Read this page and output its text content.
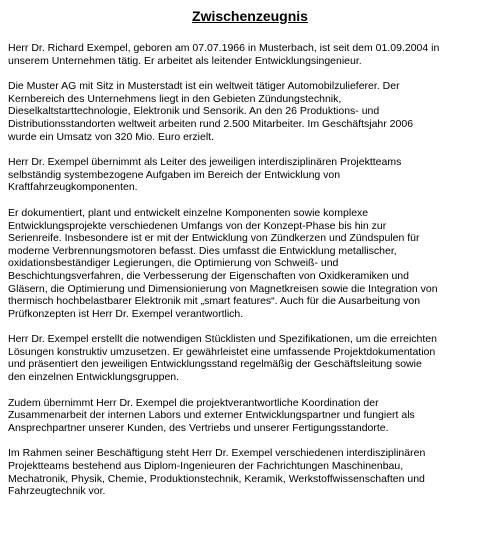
Zwischenzeugnis
Herr Dr. Richard Exempel, geboren am 07.07.1966 in Musterbach, ist seit dem 01.09.2004 in
unserem Unternehmen tätig. Er arbeitet als leitender Entwicklungsingenieur.
Die Muster AG mit Sitz in Musterstadt ist ein weltweit tätiger Automobilzulieferer. Der
Kernbereich des Unternehmens liegt in den Gebieten Zündungstechnik,
Dieselkaltstarttechnologie, Elektronik und Sensorik. An den 26 Produktions- und
Distributionsstandorten weltweit arbeiten rund 2.500 Mitarbeiter. Im Geschäftsjahr 2006
wurde ein Umsatz von 320 Mio. Euro erzielt.
Herr Dr. Exempel übernimmt als Leiter des jeweiligen interdisziplinären Projektteams
selbständig systembezogene Aufgaben im Bereich der Entwicklung von
Kraftfahrzeugkomponenten.
Er dokumentiert, plant und entwickelt einzelne Komponenten sowie komplexe
Entwicklungsprojekte verschiedenen Umfangs von der Konzept-Phase bis hin zur
Serienreife. Insbesondere ist er mit der Entwicklung von Zündkerzen und Zündspulen für
moderne Verbrennungsmotoren befasst. Dies umfasst die Entwicklung metallischer,
oxidationsbeständiger Legierungen, die Optimierung von Schweiß- und
Beschichtungsverfahren, die Verbesserung der Eigenschaften von Oxidkeramiken und
Gläsern, die Optimierung und Dimensionierung von Magnetkreisen sowie die Integration von
thermisch hochbelastbarer Elektronik mit „smart features“. Auch für die Ausarbeitung von
Prüfkonzepten ist Herr Dr. Exempel verantwortlich.
Herr Dr. Exempel erstellt die notwendigen Stücklisten und Spezifikationen, um die erreichten
Lösungen konstruktiv umzusetzen. Er gewährleistet eine umfassende Projektdokumentation
und präsentiert den jeweiligen Entwicklungsstand regelmäßig der Geschäftsleitung sowie
den einzelnen Entwicklungsgruppen.
Zudem übernimmt Herr Dr. Exempel die projektverantwortliche Koordination der
Zusammenarbeit der internen Labors und externer Entwicklungspartner und fungiert als
Ansprechpartner unserer Kunden, des Vertriebs und unserer Fertigungsstandorte.
Im Rahmen seiner Beschäftigung steht Herr Dr. Exempel verschiedenen interdisziplinären
Projektteams bestehend aus Diplom-Ingenieuren der Fachrichtungen Maschinenbau,
Mechatronik, Physik, Chemie, Produktionstechnik, Keramik, Werkstoffwissenschaften und
Fahrzeugtechnik vor.
